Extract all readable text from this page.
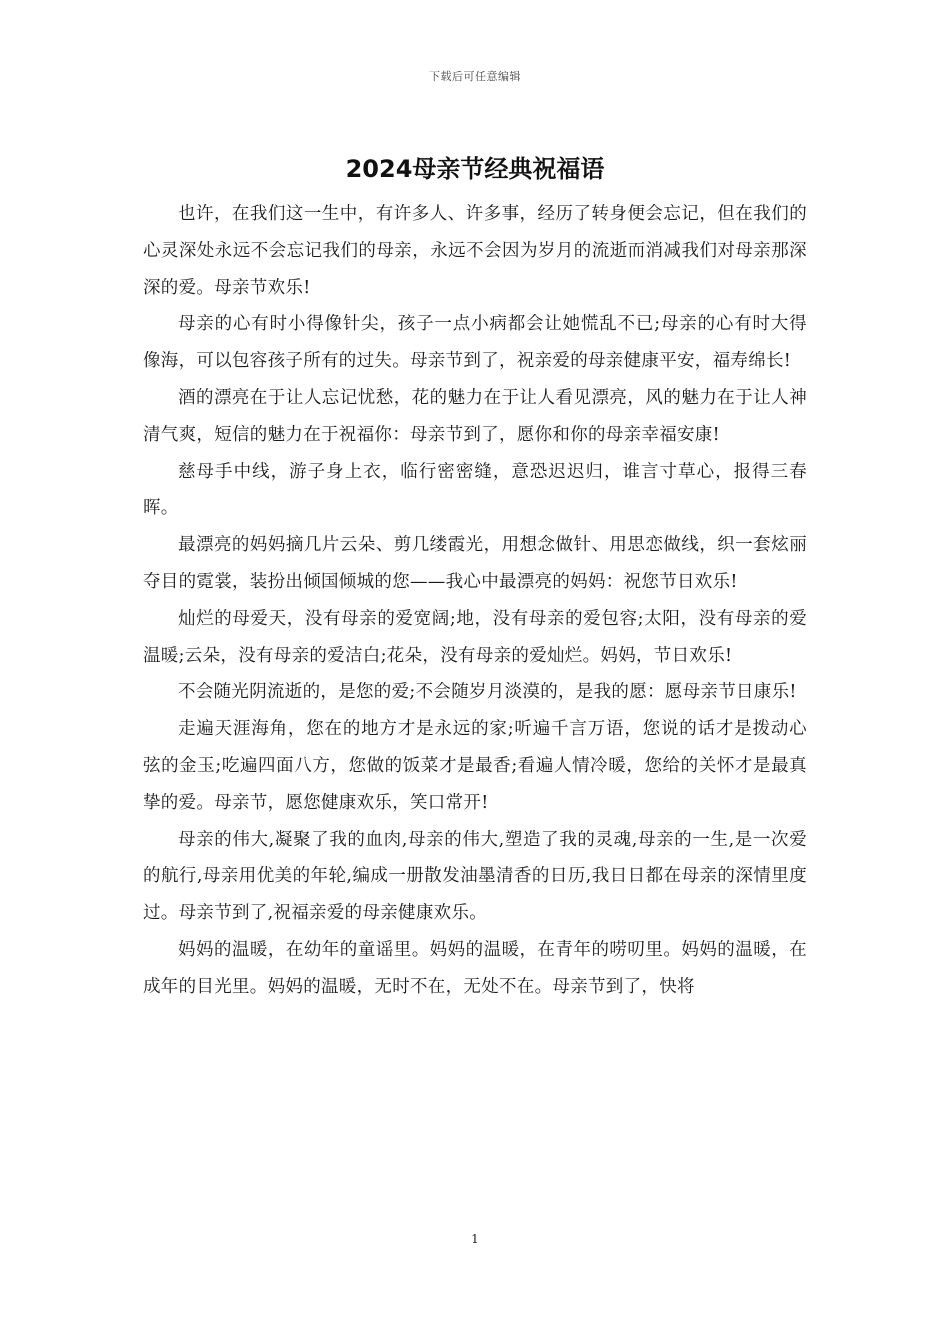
下载后可任意编辑
2024母亲节经典祝福语

也许，在我们这一生中，有许多人、许多事，经历了转身便会忘记，但在我们的心灵深处永远不会忘记我们的母亲，永远不会因为岁月的流逝而消减我们对母亲那深深的爱。母亲节欢乐!

母亲的心有时小得像针尖，孩子一点小病都会让她慌乱不已;母亲的心有时大得像海，可以包容孩子所有的过失。母亲节到了，祝亲爱的母亲健康平安，福寿绵长!

酒的漂亮在于让人忘记忧愁，花的魅力在于让人看见漂亮，风的魅力在于让人神清气爽，短信的魅力在于祝福你：母亲节到了，愿你和你的母亲幸福安康!

慈母手中线，游子身上衣，临行密密缝，意恐迟迟归，谁言寸草心，报得三春晖。

最漂亮的妈妈摘几片云朵、剪几缕霞光，用想念做针、用思恋做线，织一套炫丽夺目的霓裳，装扮出倾国倾城的您——我心中最漂亮的妈妈：祝您节日欢乐!

灿烂的母爱天，没有母亲的爱宽阔;地，没有母亲的爱包容;太阳，没有母亲的爱温暖;云朵，没有母亲的爱洁白;花朵，没有母亲的爱灿烂。妈妈，节日欢乐!

不会随光阴流逝的，是您的爱;不会随岁月淡漠的，是我的愿：愿母亲节日康乐!

走遍天涯海角，您在的地方才是永远的家;听遍千言万语，您说的话才是拨动心弦的金玉;吃遍四面八方，您做的饭菜才是最香;看遍人情冷暖，您给的关怀才是最真挚的爱。母亲节，愿您健康欢乐，笑口常开!

母亲的伟大,凝聚了我的血肉,母亲的伟大,塑造了我的灵魂,母亲的一生,是一次爱的航行,母亲用优美的年轮,编成一册散发油墨清香的日历,我日日都在母亲的深情里度过。母亲节到了,祝福亲爱的母亲健康欢乐。

妈妈的温暖，在幼年的童谣里。妈妈的温暖，在青年的唠叨里。妈妈的温暖，在成年的目光里。妈妈的温暖，无时不在，无处不在。母亲节到了，快将

1
